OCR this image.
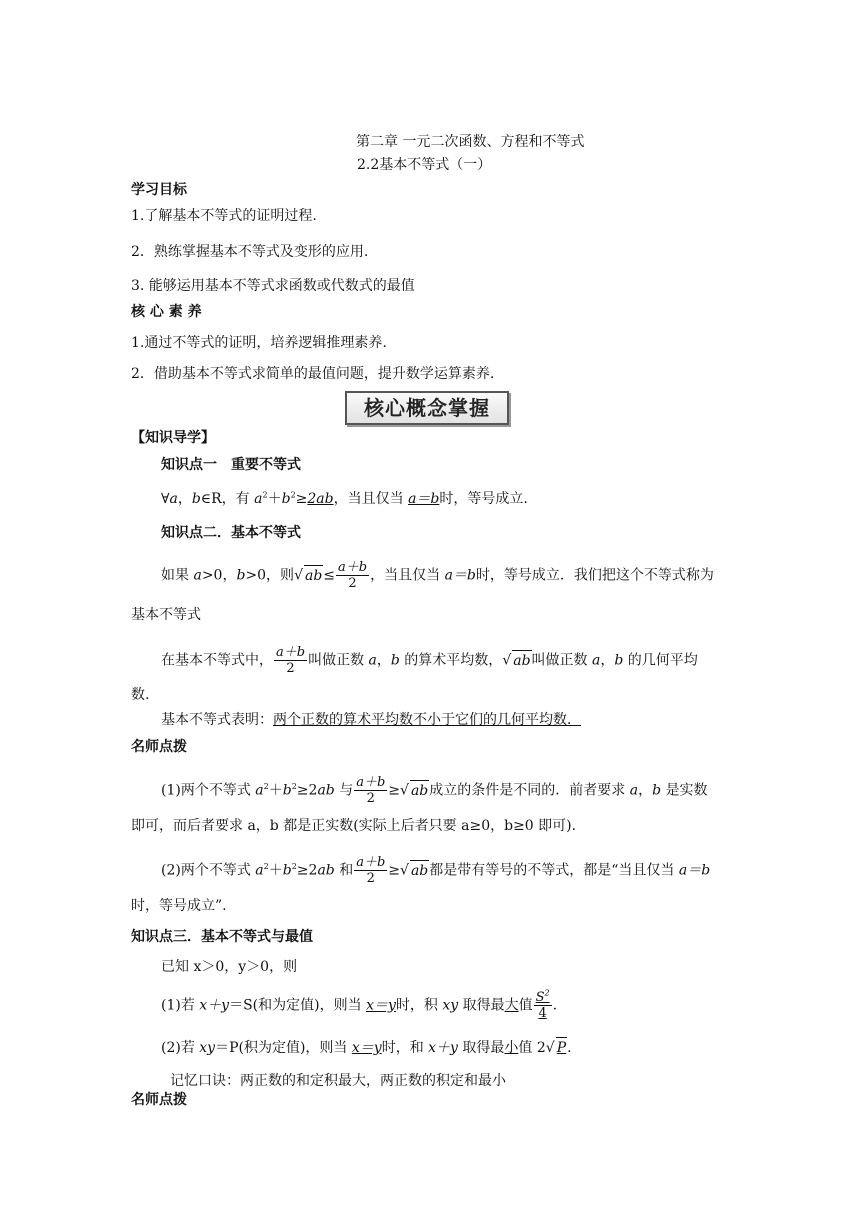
第二章 一元二次函数、方程和不等式
2.2基本不等式（一）
学习目标
1.了解基本不等式的证明过程.
2．熟练掌握基本不等式及变形的应用.
3. 能够运用基本不等式求函数或代数式的最值
核 心 素 养
1.通过不等式的证明，培养逻辑推理素养.
2．借助基本不等式求简单的最值问题，提升数学运算素养.
核心概念掌握
【知识导学】
知识点一　重要不等式
∀a，b∈R，有 $a^2+b^2\ge 2ab$，当且仅当 a＝b时，等号成立.
知识点二．基本不等式
如果 a>0，b>0，则√ $ab\le \frac{a+b}{2}$ ，当且仅当 a＝b时，等号成立．我们把这个不等式称为
基本不等式
在基本不等式中， $\frac{a+b}{2}$ 叫做正数 a，b 的算术平均数，√ ab叫做正数 a，b 的几何平均
数.
基本不等式表明：两个正数的算术平均数不小于它们的几何平均数．
名师点拨
(1)两个不等式 $a^2+b^2\ge 2ab$ 与 $\frac{a+b}{2}$ ≥√ ab成立的条件是不同的．前者要求 a，b 是实数
即可，而后者要求 a，b 都是正实数(实际上后者只要 a≥0，b≥0 即可).
(2)两个不等式 $a^2+b^2\ge 2ab$ 和 $\frac{a+b}{2}$ ≥√ ab都是带有等号的不等式，都是“当且仅当 a＝b
时，等号成立”.
知识点三．基本不等式与最值
已知 x＞0，y＞0，则
(1)若 x＋y＝S(和为定值)，则当 x＝y时，积 xy 取得最大值 $\frac{S^2}{4}$ .
(2)若 xy＝P(积为定值)，则当 x＝y时，和 x＋y 取得最小值 2√ P.
记忆口诀：两正数的和定积最大，两正数的积定和最小
名师点拨
